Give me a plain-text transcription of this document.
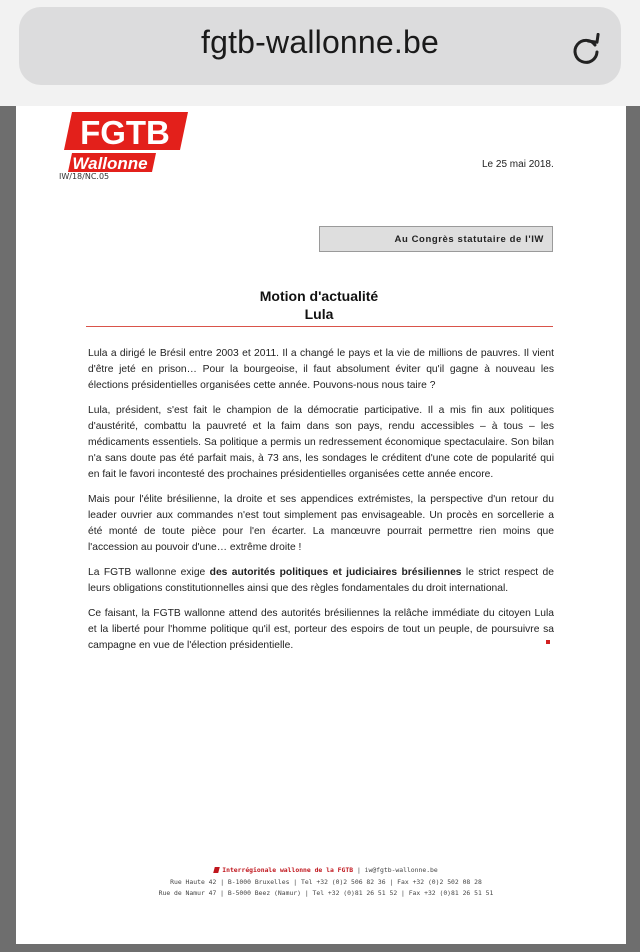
fgtb-wallonne.be
FGTB
Wallonne
IW/18/NC.05
Le 25 mai 2018.
Au Congrès statutaire de l'IW
Motion d'actualité
Lula

Lula a dirigé le Brésil entre 2003 et 2011. Il a changé le pays et la vie de millions de pauvres. Il vient d'être jeté en prison… Pour la bourgeoise, il faut absolument éviter qu'il gagne à nouveau les élections présidentielles organisées cette année. Pouvons-nous nous taire ?

Lula, président, s'est fait le champion de la démocratie participative. Il a mis fin aux politiques d'austérité, combattu la pauvreté et la faim dans son pays, rendu accessibles – à tous – les médicaments essentiels. Sa politique a permis un redressement économique spectaculaire. Son bilan n'a sans doute pas été parfait mais, à 73 ans, les sondages le créditent d'une cote de popularité qui en fait le favori incontesté des prochaines présidentielles organisées cette année encore.

Mais pour l'élite brésilienne, la droite et ses appendices extrémistes, la perspective d'un retour du leader ouvrier aux commandes n'est tout simplement pas envisageable. Un procès en sorcellerie a été monté de toute pièce pour l'en écarter. La manœuvre pourrait permettre rien moins que l'accession au pouvoir d'une… extrême droite !

La FGTB wallonne exige des autorités politiques et judiciaires brésiliennes le strict respect de leurs obligations constitutionnelles ainsi que des règles fondamentales du droit international.

Ce faisant, la FGTB wallonne attend des autorités brésiliennes la relâche immédiate du citoyen Lula et la liberté pour l'homme politique qu'il est, porteur des espoirs de tout un peuple, de poursuivre sa campagne en vue de l'élection présidentielle.

Interrégionale wallonne de la FGTB | iw@fgtb-wallonne.be
Rue Haute 42 | B-1000 Bruxelles | Tel +32 (0)2 506 82 36 | Fax +32 (0)2 502 08 28
Rue de Namur 47 | B-5000 Beez (Namur) | Tel +32 (0)81 26 51 52 | Fax +32 (0)81 26 51 51
